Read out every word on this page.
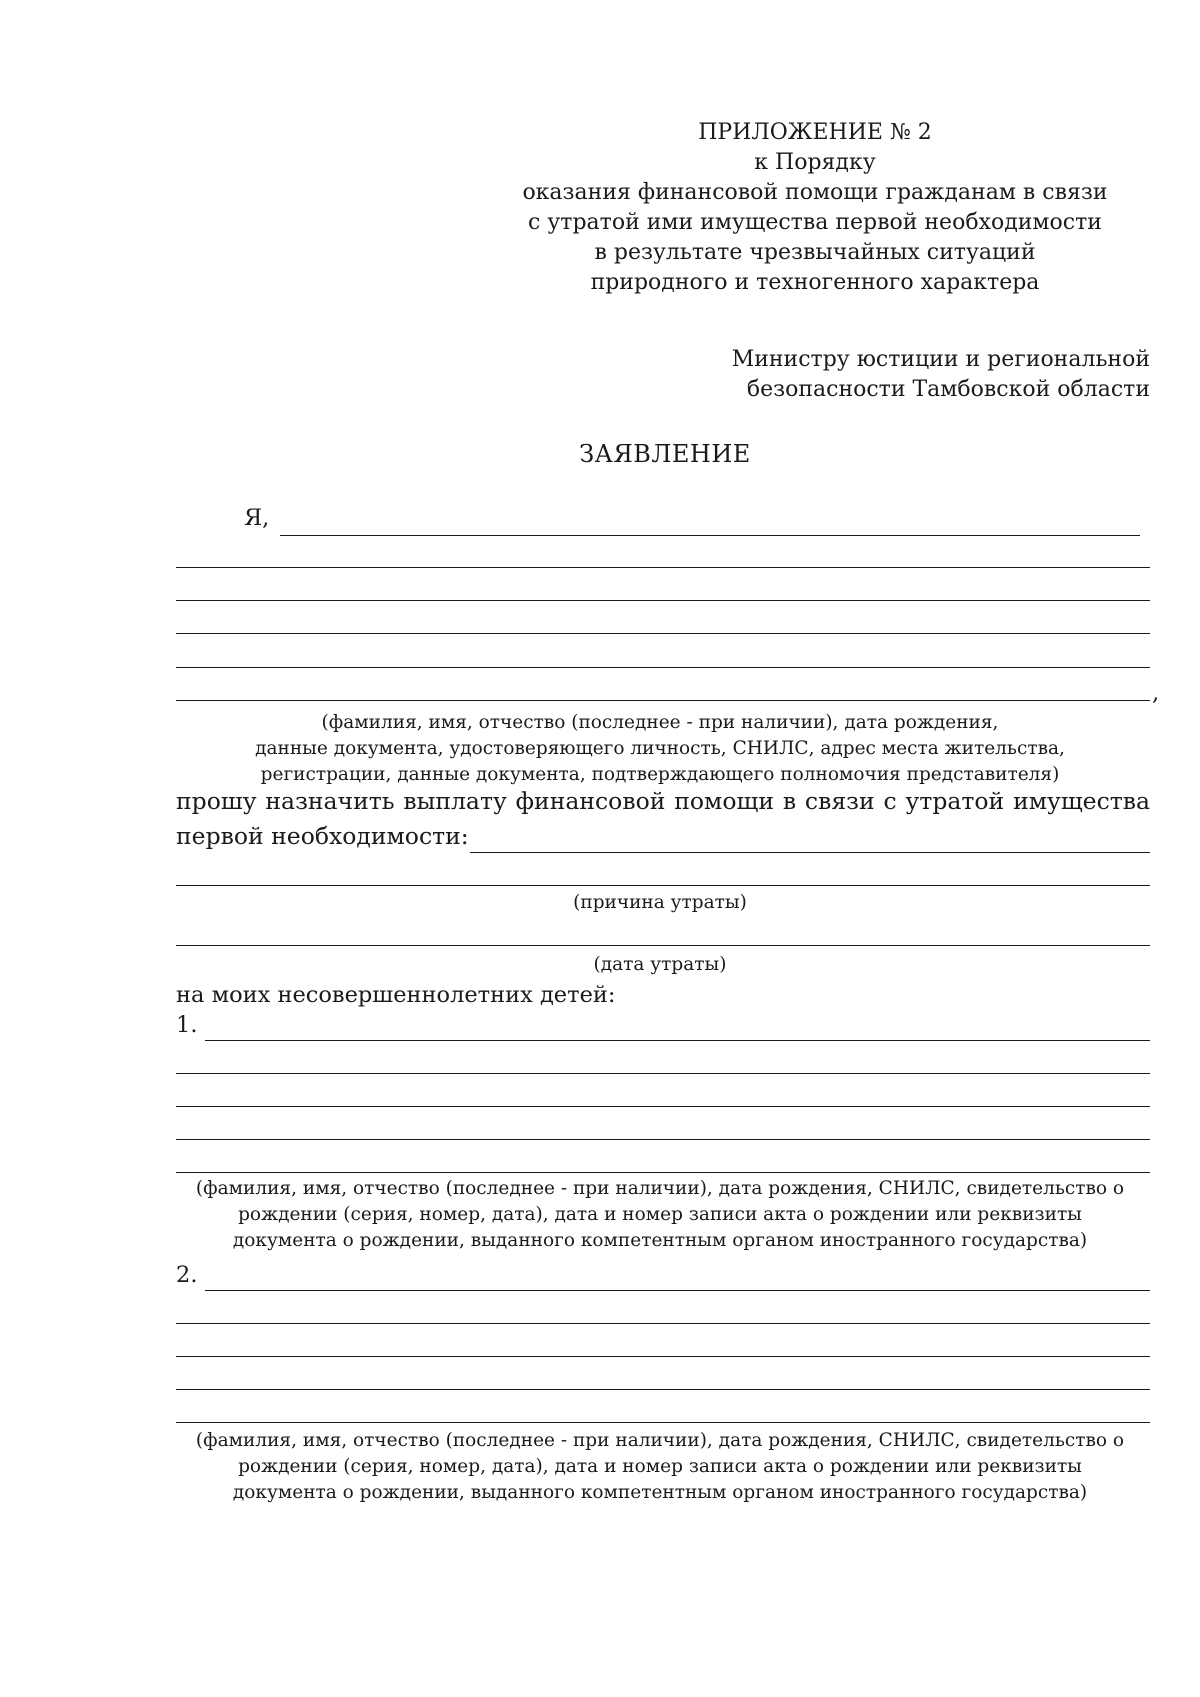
ПРИЛОЖЕНИЕ № 2
к Порядку
оказания финансовой помощи гражданам в связи
с утратой ими имущества первой необходимости
в результате чрезвычайных ситуаций
природного и техногенного характера
Министру юстиции и региональной
безопасности Тамбовской области
ЗАЯВЛЕНИЕ
Я,
,
(фамилия, имя, отчество (последнее - при наличии), дата рождения,
данные документа, удостоверяющего личность, СНИЛС, адрес места жительства,
регистрации, данные документа, подтверждающего полномочия представителя)
прошу назначить выплату финансовой помощи в связи с утратой имущества
первой необходимости:
(причина утраты)
(дата утраты)
на моих несовершеннолетних детей:
1.
(фамилия, имя, отчество (последнее - при наличии), дата рождения, СНИЛС, свидетельство о
рождении (серия, номер, дата), дата и номер записи акта о рождении или реквизиты
документа о рождении, выданного компетентным органом иностранного государства)
2.
(фамилия, имя, отчество (последнее - при наличии), дата рождения, СНИЛС, свидетельство о
рождении (серия, номер, дата), дата и номер записи акта о рождении или реквизиты
документа о рождении, выданного компетентным органом иностранного государства)
